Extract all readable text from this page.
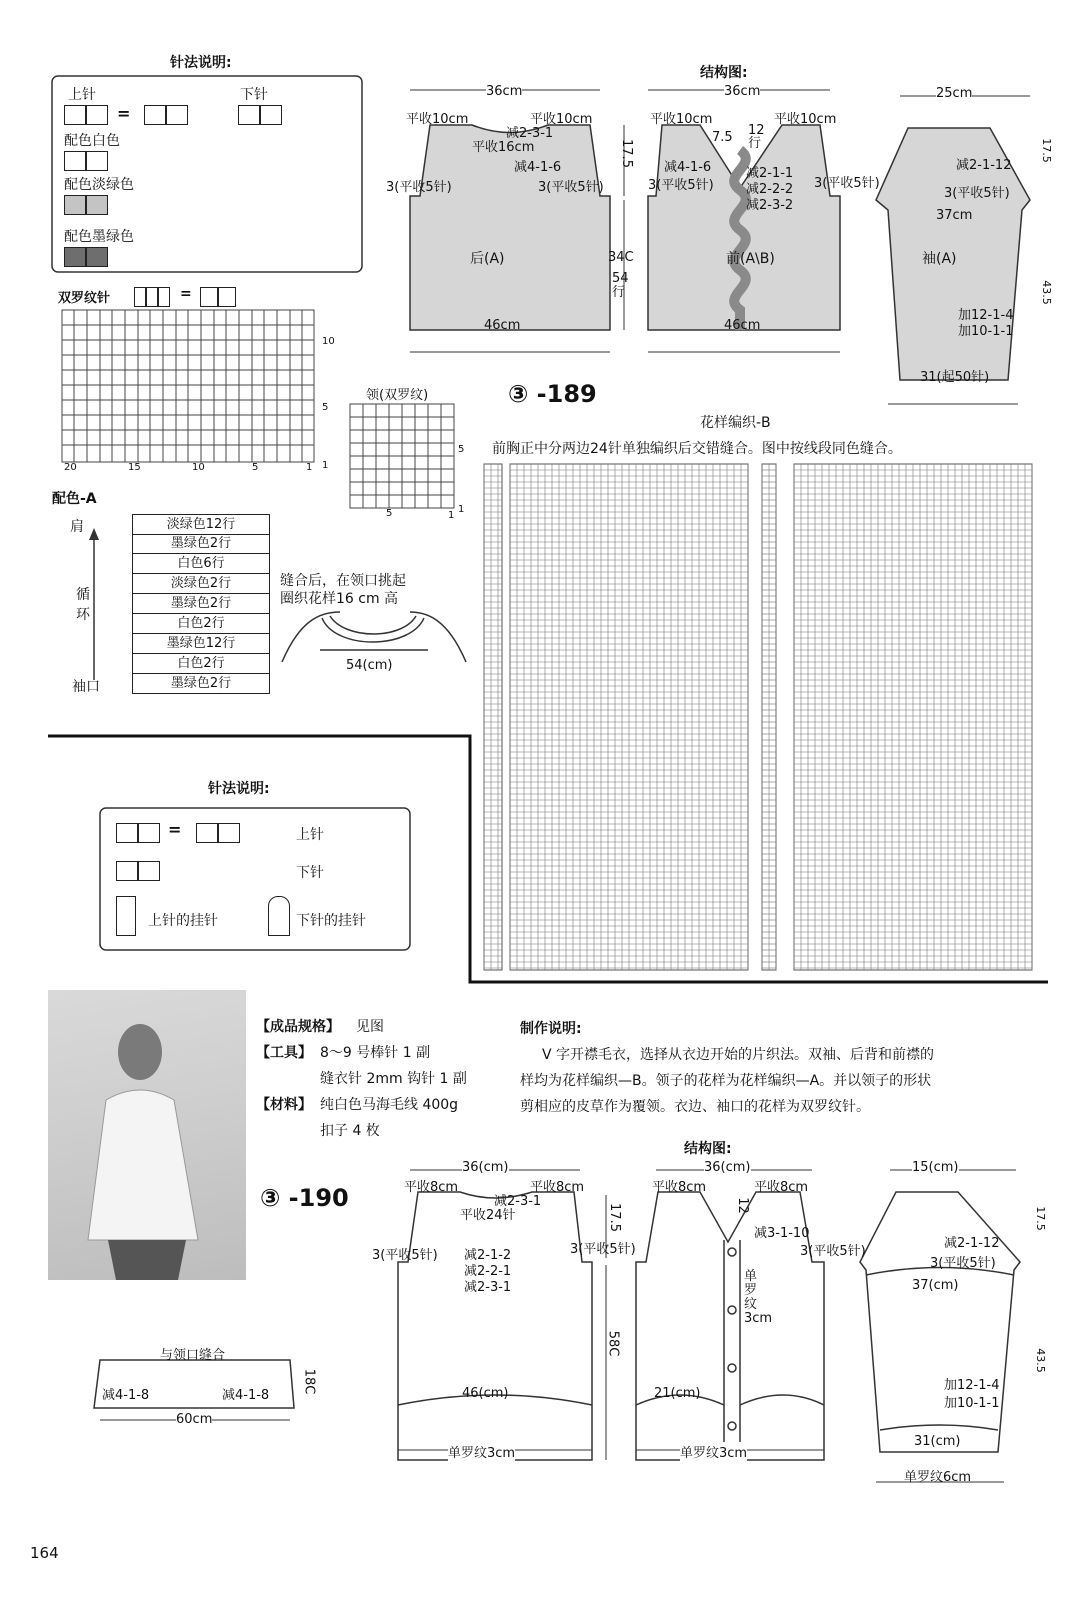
针法说明:
上针	下针
=
配色白色
配色淡绿色
配色墨绿色
双罗纹针	=
10
5
1
20	15	10	5	1
领(双罗纹)
5
1
5	1
配色-A
肩
循环
袖口
淡绿色12行
墨绿色2行
白色6行
淡绿色2行
墨绿色2行
白色2行
墨绿色12行
白色2行
墨绿色2行
缝合后，在领口挑起
圈织花样16 cm 高
54(cm)
结构图:
36cm
平收10cm	平收10cm
减2-3-1
平收16cm
减4-1-6
3(平收5针)	3(平收5针)
后(A)
46cm
17.5
34C
54行
36cm
平收10cm	平收10cm
7.5 12行
减4-1-6	减2-1-1
减2-2-2
减2-3-2
3(平收5针)	3(平收5针)
前(A\B)
46cm
25cm
减2-1-12
3(平收5针)
37cm
袖(A)
加12-1-4
加10-1-1
31(起50针)
17.5
43.5
③ -189
花样编织-B
前胸正中分两边24针单独编织后交错缝合。图中按线段同色缝合。
针法说明:
=	上针
下针
上针的挂针	下针的挂针
【成品规格】 见图
【工具】 8～9 号棒针 1 副
缝衣针 2mm 钩针 1 副
【材料】 纯白色马海毛线 400g
扣子 4 枚
③ -190
制作说明:
V 字开襟毛衣，选择从衣边开始的片织法。双袖、后背和前襟的
样均为花样编织—B。领子的花样为花样编织—A。并以领子的形状
剪相应的皮草作为覆领。衣边、袖口的花样为双罗纹针。
结构图:
36(cm)
平收8cm	平收8cm
减2-3-1
平收24针
3(平收5针) 减2-1-2
减2-2-1
减2-3-1
3(平收5针)
17.5
58C
46(cm)
单罗纹3cm
36(cm)
平收8cm	平收8cm
12
减3-1-10
3(平收5针)
单罗纹3cm
21(cm)
单罗纹3cm
15(cm)
减2-1-12
3(平收5针)
37(cm)
加12-1-4
加10-1-1
31(cm)
单罗纹6cm
17.5
43.5
与领口缝合
减4-1-8	减4-1-8
60cm
18C
164
